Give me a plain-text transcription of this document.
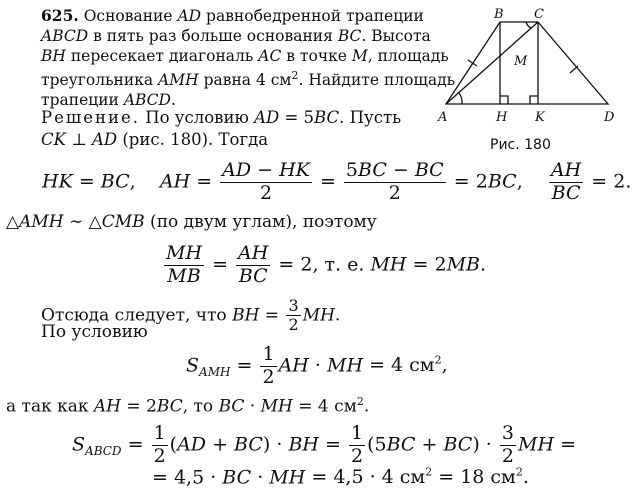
625. Основание AD равнобедренной трапеции
ABCD в пять раз больше основания BC. Высота
BH пересекает диагональ AC в точке M, площадь
треугольника AMH равна 4 $см^2$. Найдите площадь
трапеции ABCD.
A
B C
D
H K
M
Рис. 180
Решение. По условию AD = 5BC. Пусть
CK ⊥ AD (рис. 180). Тогда
HK = BC,    AH = $\frac{AD - HK}{2} = \frac{5BC - BC}{2} = 2BC$, $\frac{AH}{BC} = 2$.
△AMH ∼ △CMB (по двум углам), поэтому
$\frac{MH}{MB} = \frac{AH}{BC} = 2$, т. е. MH = 2MB.
Отсюда следует, что BH = $\frac{3}{2}$ MH.
По условию
$S_{AMH} = \frac{1}{2}$ AH · MH = 4 $см^2$,
а так как AH = 2BC, то BC · MH = 4 $см^2$.
$S_{ABCD} = \frac{1}{2} (AD + BC)$ · BH = $\frac{1}{2} (5BC + BC) \cdot \frac{3}{2}$ MH =
= 4,5 · BC · MH = 4,5 · 4 $см^2 = 18$ $см^2$.
